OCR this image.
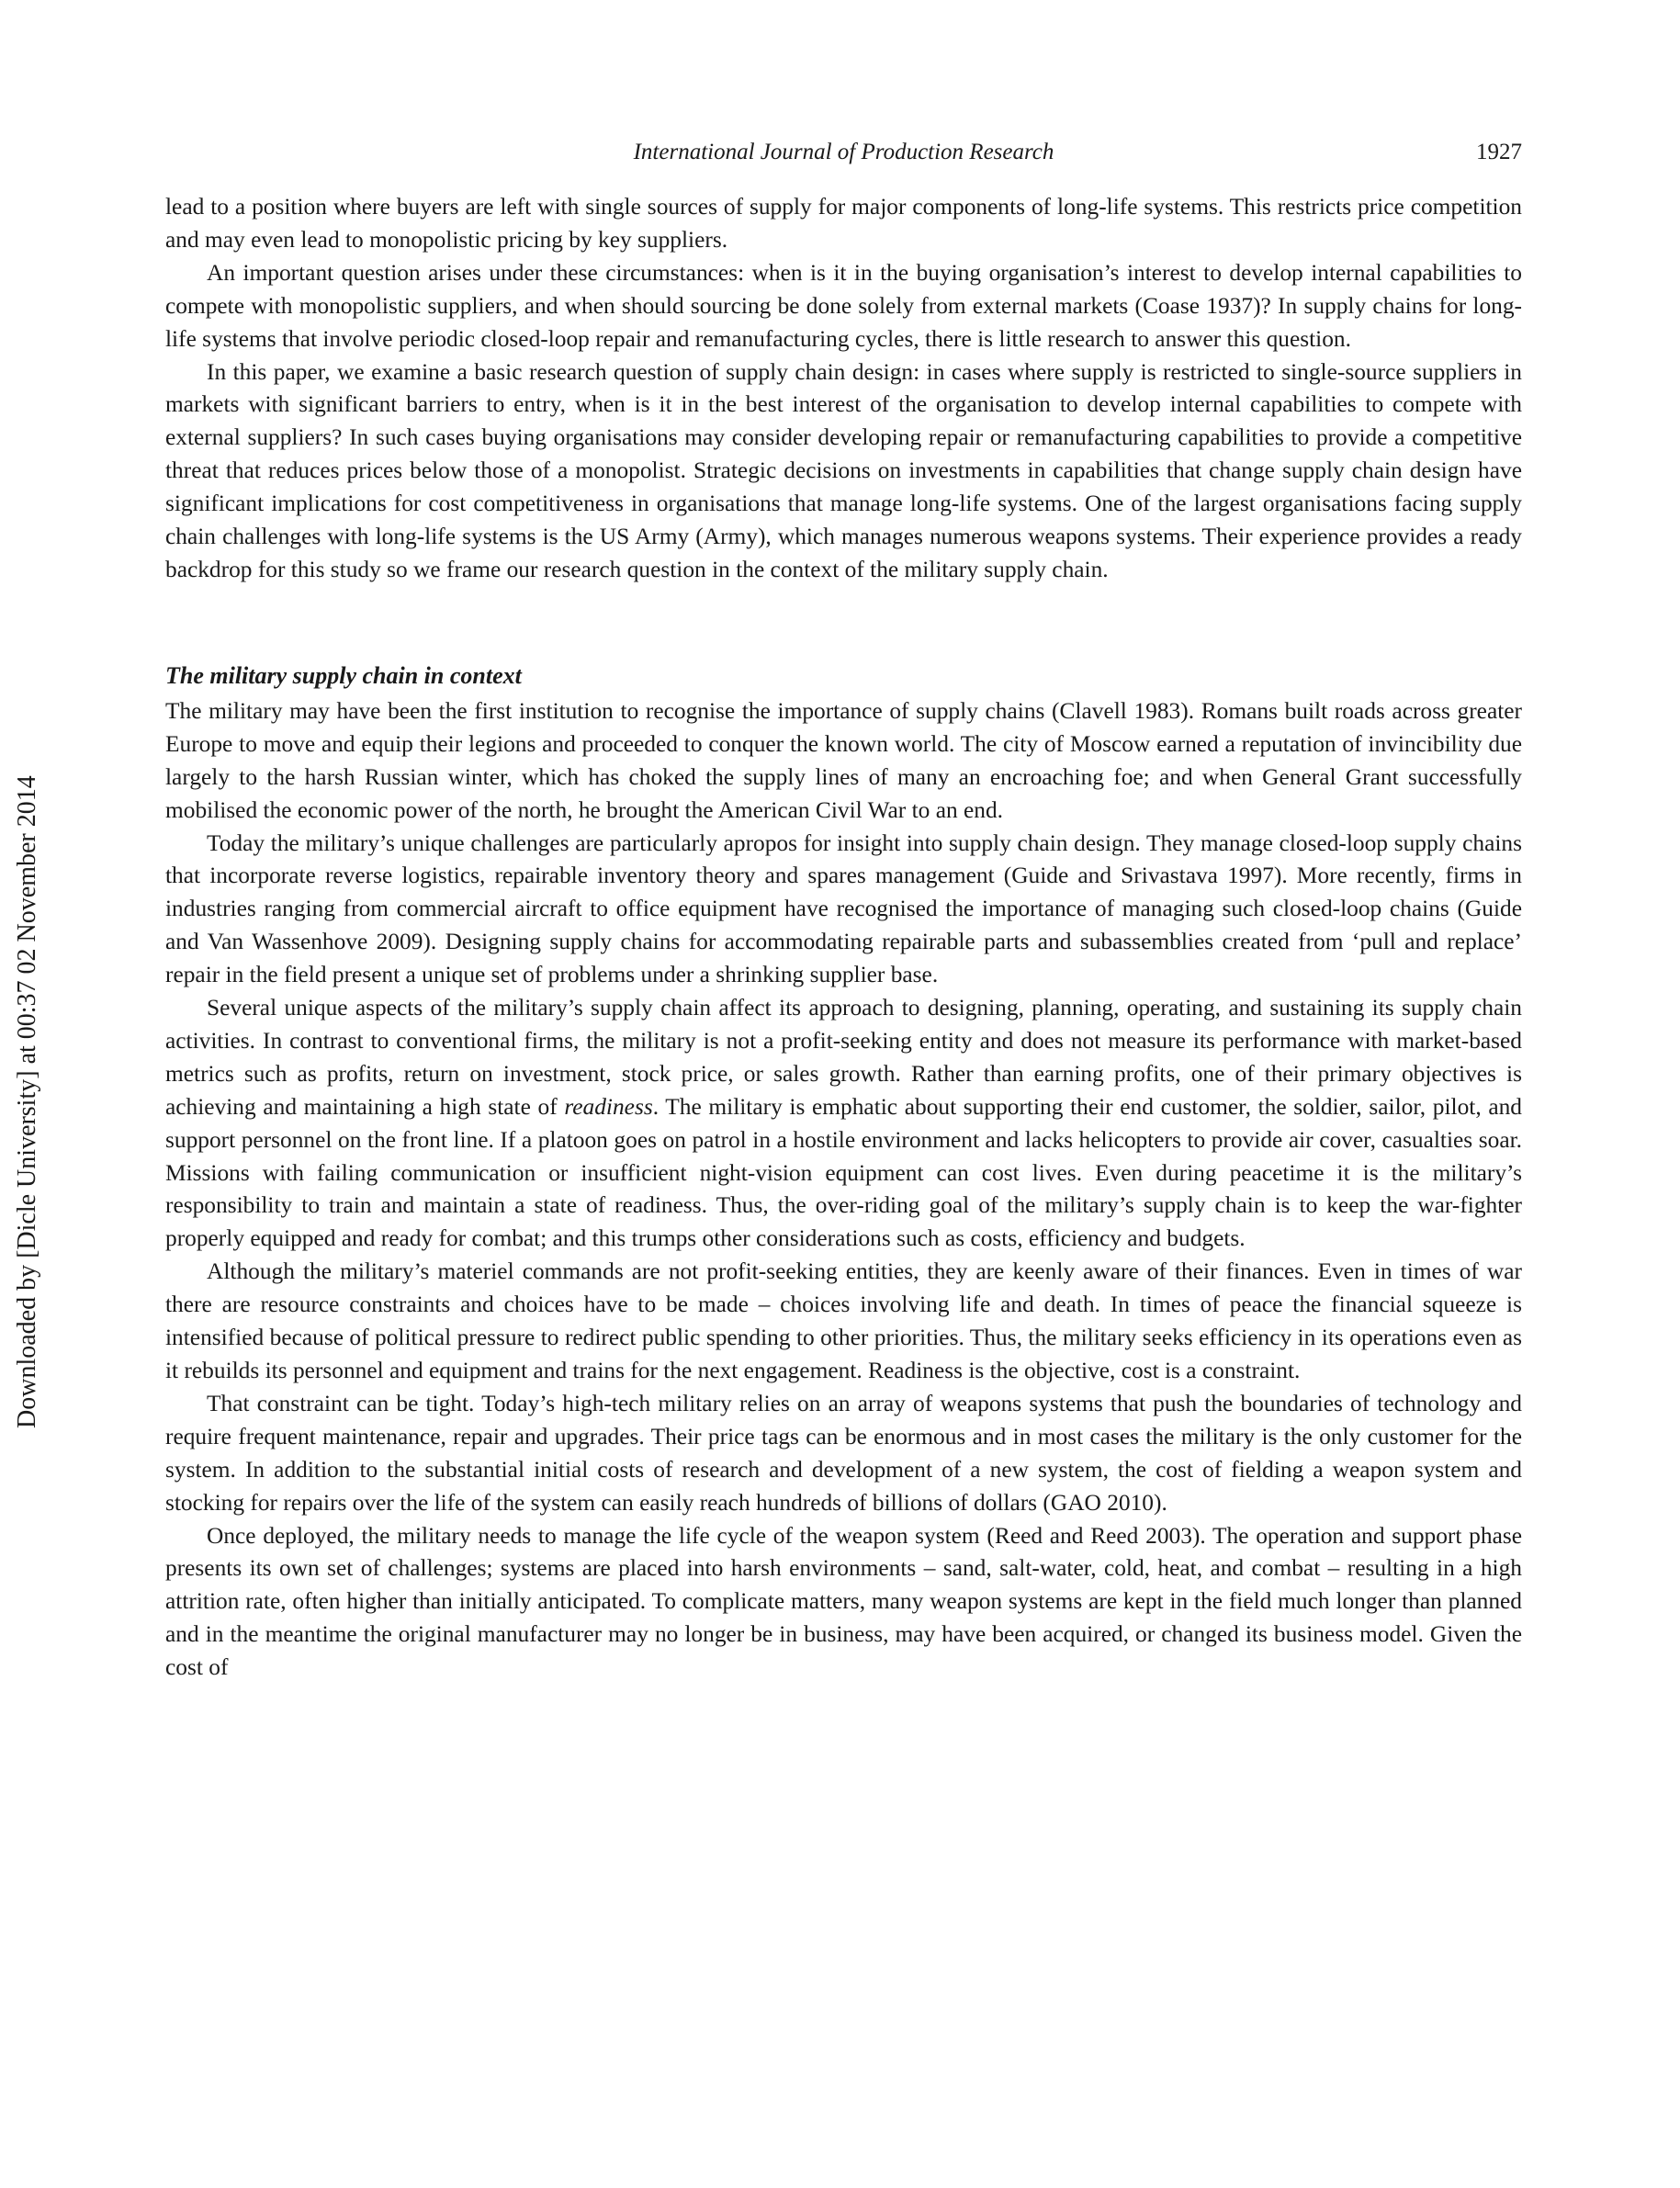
International Journal of Production Research	1927
Downloaded by [Dicle University] at 00:37 02 November 2014

lead to a position where buyers are left with single sources of supply for major components of long-life systems. This restricts price competition and may even lead to monopolistic pricing by key suppliers.

An important question arises under these circumstances: when is it in the buying organisation’s interest to develop internal capabilities to compete with monopolistic suppliers, and when should sourcing be done solely from external markets (Coase 1937)? In supply chains for long-life systems that involve periodic closed-loop repair and remanufacturing cycles, there is little research to answer this question.

In this paper, we examine a basic research question of supply chain design: in cases where supply is restricted to single-source suppliers in markets with significant barriers to entry, when is it in the best interest of the organisation to develop internal capabilities to compete with external suppliers? In such cases buying organisations may consider developing repair or remanufacturing capabilities to provide a competitive threat that reduces prices below those of a monopolist. Strategic decisions on investments in capabilities that change supply chain design have significant implications for cost competitiveness in organisations that manage long-life systems. One of the largest organisations facing supply chain challenges with long-life systems is the US Army (Army), which manages numerous weapons systems. Their experience provides a ready backdrop for this study so we frame our research question in the context of the military supply chain.

The military supply chain in context

The military may have been the first institution to recognise the importance of supply chains (Clavell 1983). Romans built roads across greater Europe to move and equip their legions and proceeded to conquer the known world. The city of Moscow earned a reputation of invincibility due largely to the harsh Russian winter, which has choked the supply lines of many an encroaching foe; and when General Grant successfully mobilised the economic power of the north, he brought the American Civil War to an end.

Today the military’s unique challenges are particularly apropos for insight into supply chain design. They manage closed-loop supply chains that incorporate reverse logistics, repairable inventory theory and spares management (Guide and Srivastava 1997). More recently, firms in industries ranging from commercial aircraft to office equipment have recognised the importance of managing such closed-loop chains (Guide and Van Wassenhove 2009). Designing supply chains for accommodating repairable parts and subassemblies created from ‘pull and replace’ repair in the field present a unique set of problems under a shrinking supplier base.

Several unique aspects of the military’s supply chain affect its approach to designing, planning, operating, and sustaining its supply chain activities. In contrast to conventional firms, the military is not a profit-seeking entity and does not measure its performance with market-based metrics such as profits, return on investment, stock price, or sales growth. Rather than earning profits, one of their primary objectives is achieving and maintaining a high state of readiness. The military is emphatic about supporting their end customer, the soldier, sailor, pilot, and support personnel on the front line. If a platoon goes on patrol in a hostile environment and lacks helicopters to provide air cover, casualties soar. Missions with failing communication or insufficient night-vision equipment can cost lives. Even during peacetime it is the military’s responsibility to train and maintain a state of readiness. Thus, the over-riding goal of the military’s supply chain is to keep the war-fighter properly equipped and ready for combat; and this trumps other considerations such as costs, efficiency and budgets.

Although the military’s materiel commands are not profit-seeking entities, they are keenly aware of their finances. Even in times of war there are resource constraints and choices have to be made – choices involving life and death. In times of peace the financial squeeze is intensified because of political pressure to redirect public spending to other priorities. Thus, the military seeks efficiency in its operations even as it rebuilds its personnel and equipment and trains for the next engagement. Readiness is the objective, cost is a constraint.

That constraint can be tight. Today’s high-tech military relies on an array of weapons systems that push the boundaries of technology and require frequent maintenance, repair and upgrades. Their price tags can be enormous and in most cases the military is the only customer for the system. In addition to the substantial initial costs of research and development of a new system, the cost of fielding a weapon system and stocking for repairs over the life of the system can easily reach hundreds of billions of dollars (GAO 2010).

Once deployed, the military needs to manage the life cycle of the weapon system (Reed and Reed 2003). The operation and support phase presents its own set of challenges; systems are placed into harsh environments – sand, salt-water, cold, heat, and combat – resulting in a high attrition rate, often higher than initially anticipated. To complicate matters, many weapon systems are kept in the field much longer than planned and in the meantime the original manufacturer may no longer be in business, may have been acquired, or changed its business model. Given the cost of
